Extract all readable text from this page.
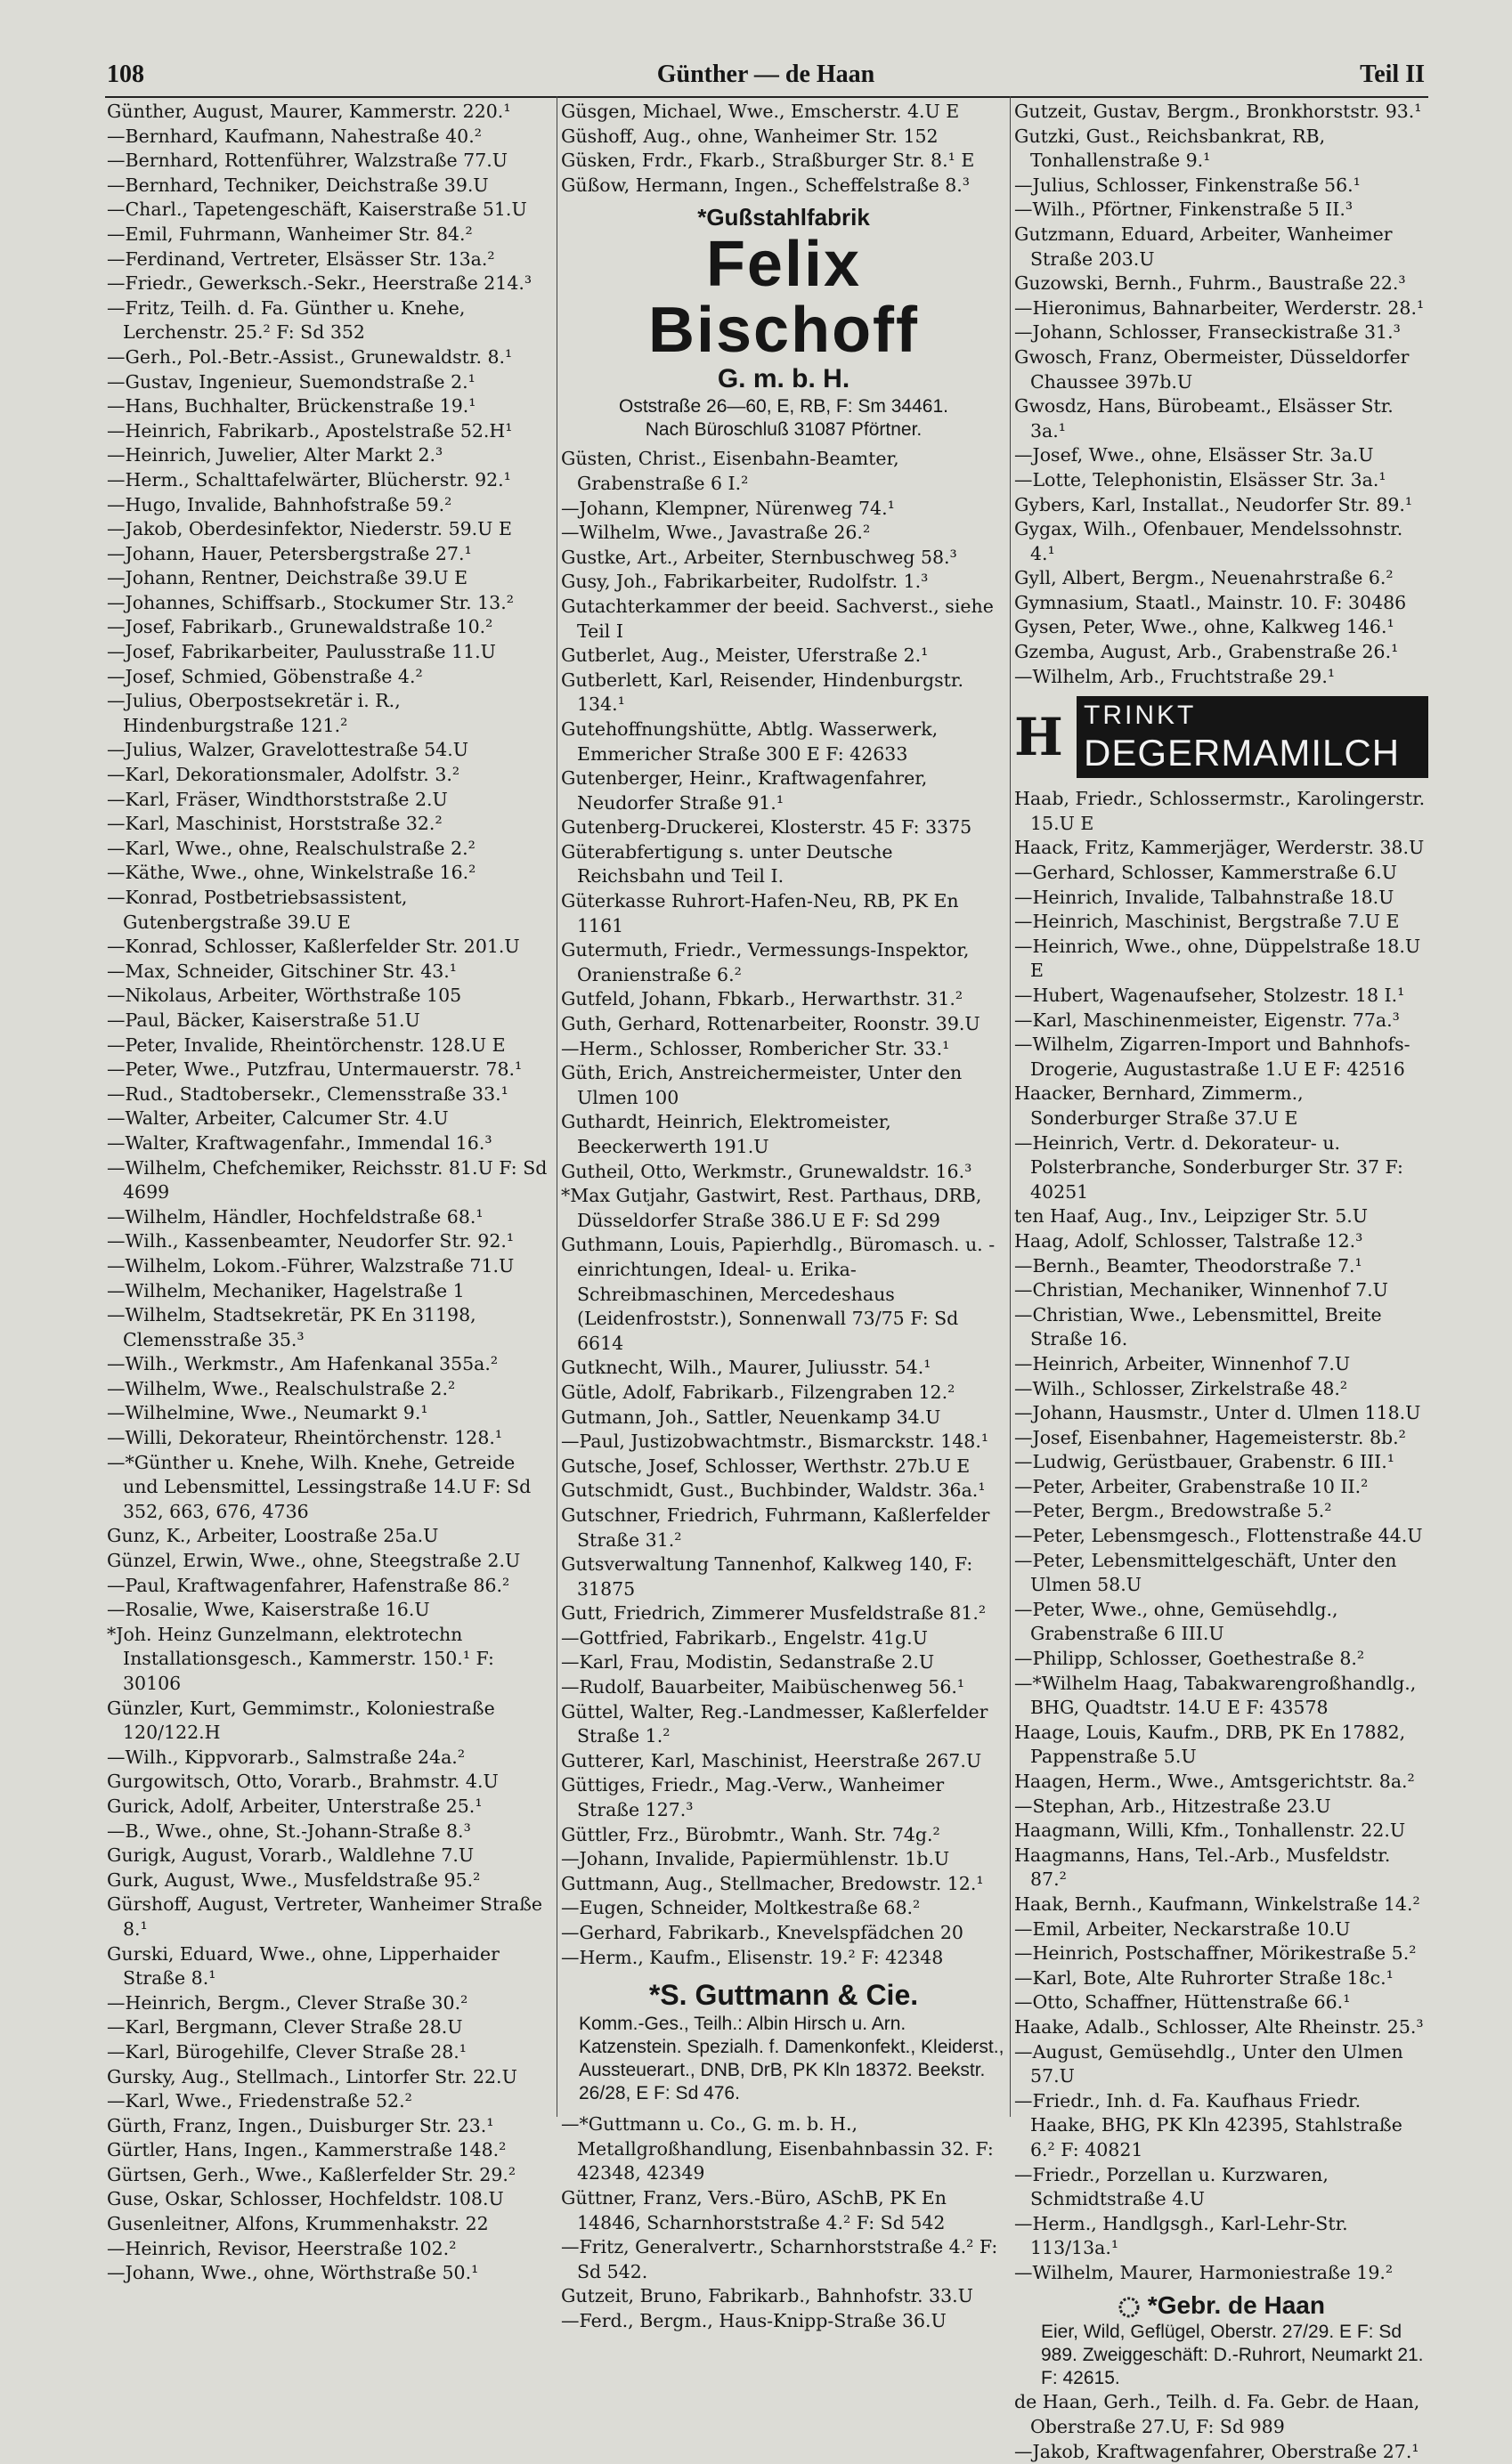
108	Günther — de Haan	Teil II
Günther, August, Maurer, Kammerstr. 220.¹
—Bernhard, Kaufmann, Nahestraße 40.²
—Bernhard, Rottenführer, Walzstraße 77.U
—Bernhard, Techniker, Deichstraße 39.U
—Charl., Tapetengeschäft, Kaiserstraße 51.U
—Emil, Fuhrmann, Wanheimer Str. 84.²
—Ferdinand, Vertreter, Elsässer Str. 13a.²
—Friedr., Gewerksch.-Sekr., Heerstraße 214.³
—Fritz, Teilh. d. Fa. Günther u. Knehe, Lerchenstr. 25.² F: Sd 352
—Gerh., Pol.-Betr.-Assist., Grunewaldstr. 8.¹
—Gustav, Ingenieur, Suemondstraße 2.¹
—Hans, Buchhalter, Brückenstraße 19.¹
—Heinrich, Fabrikarb., Apostelstraße 52.H¹
—Heinrich, Juwelier, Alter Markt 2.³
—Herm., Schalttafelwärter, Blücherstr. 92.¹
—Hugo, Invalide, Bahnhofstraße 59.²
—Jakob, Oberdesinfektor, Niederstr. 59.U E
—Johann, Hauer, Petersbergstraße 27.¹
—Johann, Rentner, Deichstraße 39.U E
—Johannes, Schiffsarb., Stockumer Str. 13.²
—Josef, Fabrikarb., Grunewaldstraße 10.²
—Josef, Fabrikarbeiter, Paulusstraße 11.U
—Josef, Schmied, Göbenstraße 4.²
—Julius, Oberpostsekretär i. R., Hindenburgstraße 121.²
—Julius, Walzer, Gravelottestraße 54.U
—Karl, Dekorationsmaler, Adolfstr. 3.²
—Karl, Fräser, Windthorststraße 2.U
—Karl, Maschinist, Horststraße 32.²
—Karl, Wwe., ohne, Realschulstraße 2.²
—Käthe, Wwe., ohne, Winkelstraße 16.²
—Konrad, Postbetriebsassistent, Gutenbergstraße 39.U E
—Konrad, Schlosser, Kaßlerfelder Str. 201.U
—Max, Schneider, Gitschiner Str. 43.¹
—Nikolaus, Arbeiter, Wörthstraße 105
—Paul, Bäcker, Kaiserstraße 51.U
—Peter, Invalide, Rheintörchenstr. 128.U E
—Peter, Wwe., Putzfrau, Untermauerstr. 78.¹
—Rud., Stadtobersekr., Clemensstraße 33.¹
—Walter, Arbeiter, Calcumer Str. 4.U
—Walter, Kraftwagenfahr., Immendal 16.³
—Wilhelm, Chefchemiker, Reichsstr. 81.U F: Sd 4699
—Wilhelm, Händler, Hochfeldstraße 68.¹
—Wilh., Kassenbeamter, Neudorfer Str. 92.¹
—Wilhelm, Lokom.-Führer, Walzstraße 71.U
—Wilhelm, Mechaniker, Hagelstraße 1
—Wilhelm, Stadtsekretär, PK En 31198, Clemensstraße 35.³
—Wilh., Werkmstr., Am Hafenkanal 355a.²
—Wilhelm, Wwe., Realschulstraße 2.²
—Wilhelmine, Wwe., Neumarkt 9.¹
—Willi, Dekorateur, Rheintörchenstr. 128.¹
—*Günther u. Knehe, Wilh. Knehe, Getreide und Lebensmittel, Lessingstraße 14.U F: Sd 352, 663, 676, 4736
Gunz, K., Arbeiter, Loostraße 25a.U
Günzel, Erwin, Wwe., ohne, Steegstraße 2.U
—Paul, Kraftwagenfahrer, Hafenstraße 86.²
—Rosalie, Wwe, Kaiserstraße 16.U
*Joh. Heinz Gunzelmann, elektrotechn Installationsgesch., Kammerstr. 150.¹ F: 30106
Günzler, Kurt, Gemmimstr., Koloniestraße 120/122.H
—Wilh., Kippvorarb., Salmstraße 24a.²
Gurgowitsch, Otto, Vorarb., Brahmstr. 4.U
Gurick, Adolf, Arbeiter, Unterstraße 25.¹
—B., Wwe., ohne, St.-Johann-Straße 8.³
Gurigk, August, Vorarb., Waldlehne 7.U
Gurk, August, Wwe., Musfeldstraße 95.²
Gürshoff, August, Vertreter, Wanheimer Straße 8.¹
Gurski, Eduard, Wwe., ohne, Lipperhaider Straße 8.¹
—Heinrich, Bergm., Clever Straße 30.²
—Karl, Bergmann, Clever Straße 28.U
—Karl, Bürogehilfe, Clever Straße 28.¹
Gursky, Aug., Stellmach., Lintorfer Str. 22.U
—Karl, Wwe., Friedenstraße 52.²
Gürth, Franz, Ingen., Duisburger Str. 23.¹
Gürtler, Hans, Ingen., Kammerstraße 148.²
Gürtsen, Gerh., Wwe., Kaßlerfelder Str. 29.²
Guse, Oskar, Schlosser, Hochfeldstr. 108.U
Gusenleitner, Alfons, Krummenhakstr. 22
—Heinrich, Revisor, Heerstraße 102.²
—Johann, Wwe., ohne, Wörthstraße 50.¹
Güsgen, Michael, Wwe., Emscherstr. 4.U E
Güshoff, Aug., ohne, Wanheimer Str. 152
Güsken, Frdr., Fkarb., Straßburger Str. 8.¹ E
Güßow, Hermann, Ingen., Scheffelstraße 8.³
*Gußstahlfabrik
Felix Bischoff
G. m. b. H.
Oststraße 26—60, E, RB, F: Sm 34461.
Nach Büroschluß 31087 Pförtner.
Güsten, Christ., Eisenbahn-Beamter, Grabenstraße 6 I.²
—Johann, Klempner, Nürenweg 74.¹
—Wilhelm, Wwe., Javastraße 26.²
Gustke, Art., Arbeiter, Sternbuschweg 58.³
Gusy, Joh., Fabrikarbeiter, Rudolfstr. 1.³
Gutachterkammer der beeid. Sachverst., siehe Teil I
Gutberlet, Aug., Meister, Uferstraße 2.¹
Gutberlett, Karl, Reisender, Hindenburgstr. 134.¹
Gutehoffnungshütte, Abtlg. Wasserwerk, Emmericher Straße 300 E F: 42633
Gutenberger, Heinr., Kraftwagenfahrer, Neudorfer Straße 91.¹
Gutenberg-Druckerei, Klosterstr. 45 F: 3375
Güterabfertigung s. unter Deutsche Reichsbahn und Teil I.
Güterkasse Ruhrort-Hafen-Neu, RB, PK En 1161
Gutermuth, Friedr., Vermessungs-Inspektor, Oranienstraße 6.²
Gutfeld, Johann, Fbkarb., Herwarthstr. 31.²
Guth, Gerhard, Rottenarbeiter, Roonstr. 39.U
—Herm., Schlosser, Rombericher Str. 33.¹
Güth, Erich, Anstreichermeister, Unter den Ulmen 100
Guthardt, Heinrich, Elektromeister, Beeckerwerth 191.U
Gutheil, Otto, Werkmstr., Grunewaldstr. 16.³
*Max Gutjahr, Gastwirt, Rest. Parthaus, DRB, Düsseldorfer Straße 386.U E F: Sd 299
Guthmann, Louis, Papierhdlg., Büromasch. u. -einrichtungen, Ideal- u. Erika-Schreibmaschinen, Mercedeshaus (Leidenfroststr.), Sonnenwall 73/75 F: Sd 6614
Gutknecht, Wilh., Maurer, Juliusstr. 54.¹
Gütle, Adolf, Fabrikarb., Filzengraben 12.²
Gutmann, Joh., Sattler, Neuenkamp 34.U
—Paul, Justizobwachtmstr., Bismarckstr. 148.¹
Gutsche, Josef, Schlosser, Werthstr. 27b.U E
Gutschmidt, Gust., Buchbinder, Waldstr. 36a.¹
Gutschner, Friedrich, Fuhrmann, Kaßlerfelder Straße 31.²
Gutsverwaltung Tannenhof, Kalkweg 140, F: 31875
Gutt, Friedrich, Zimmerer Musfeldstraße 81.²
—Gottfried, Fabrikarb., Engelstr. 41g.U
—Karl, Frau, Modistin, Sedanstraße 2.U
—Rudolf, Bauarbeiter, Maibüschenweg 56.¹
Güttel, Walter, Reg.-Landmesser, Kaßlerfelder Straße 1.²
Gutterer, Karl, Maschinist, Heerstraße 267.U
Güttiges, Friedr., Mag.-Verw., Wanheimer Straße 127.³
Güttler, Frz., Bürobmtr., Wanh. Str. 74g.²
—Johann, Invalide, Papiermühlenstr. 1b.U
Guttmann, Aug., Stellmacher, Bredowstr. 12.¹
—Eugen, Schneider, Moltkestraße 68.²
—Gerhard, Fabrikarb., Knevelspfädchen 20
—Herm., Kaufm., Elisenstr. 19.² F: 42348
*S. Guttmann & Cie.
Komm.-Ges., Teilh.: Albin Hirsch u. Arn. Katzenstein. Spezialh. f. Damenkonfekt., Kleiderst., Aussteuerart., DNB, DrB, PK Kln 18372. Beekstr. 26/28, E F: Sd 476.
—*Guttmann u. Co., G. m. b. H., Metallgroßhandlung, Eisenbahnbassin 32. F: 42348, 42349
Güttner, Franz, Vers.-Büro, ASchB, PK En 14846, Scharnhorststraße 4.² F: Sd 542
—Fritz, Generalvertr., Scharnhorststraße 4.² F: Sd 542.
Gutzeit, Bruno, Fabrikarb., Bahnhofstr. 33.U
—Ferd., Bergm., Haus-Knipp-Straße 36.U
Gutzeit, Gustav, Bergm., Bronkhorststr. 93.¹
Gutzki, Gust., Reichsbankrat, RB, Tonhallenstraße 9.¹
—Julius, Schlosser, Finkenstraße 56.¹
—Wilh., Pförtner, Finkenstraße 5 II.³
Gutzmann, Eduard, Arbeiter, Wanheimer Straße 203.U
Guzowski, Bernh., Fuhrm., Baustraße 22.³
—Hieronimus, Bahnarbeiter, Werderstr. 28.¹
—Johann, Schlosser, Franseckistraße 31.³
Gwosch, Franz, Obermeister, Düsseldorfer Chaussee 397b.U
Gwosdz, Hans, Bürobeamt., Elsässer Str. 3a.¹
—Josef, Wwe., ohne, Elsässer Str. 3a.U
—Lotte, Telephonistin, Elsässer Str. 3a.¹
Gybers, Karl, Installat., Neudorfer Str. 89.¹
Gygax, Wilh., Ofenbauer, Mendelssohnstr. 4.¹
Gyll, Albert, Bergm., Neuenahrstraße 6.²
Gymnasium, Staatl., Mainstr. 10. F: 30486
Gysen, Peter, Wwe., ohne, Kalkweg 146.¹
Gzemba, August, Arb., Grabenstraße 26.¹
—Wilhelm, Arb., Fruchtstraße 29.¹
H TRINKT
DEGERMAMILCH
Haab, Friedr., Schlossermstr., Karolingerstr. 15.U E
Haack, Fritz, Kammerjäger, Werderstr. 38.U
—Gerhard, Schlosser, Kammerstraße 6.U
—Heinrich, Invalide, Talbahnstraße 18.U
—Heinrich, Maschinist, Bergstraße 7.U E
—Heinrich, Wwe., ohne, Düppelstraße 18.U E
—Hubert, Wagenaufseher, Stolzestr. 18 I.¹
—Karl, Maschinenmeister, Eigenstr. 77a.³
—Wilhelm, Zigarren-Import und Bahnhofs-Drogerie, Augustastraße 1.U E F: 42516
Haacker, Bernhard, Zimmerm., Sonderburger Straße 37.U E
—Heinrich, Vertr. d. Dekorateur- u. Polsterbranche, Sonderburger Str. 37 F: 40251
ten Haaf, Aug., Inv., Leipziger Str. 5.U
Haag, Adolf, Schlosser, Talstraße 12.³
—Bernh., Beamter, Theodorstraße 7.¹
—Christian, Mechaniker, Winnenhof 7.U
—Christian, Wwe., Lebensmittel, Breite Straße 16.
—Heinrich, Arbeiter, Winnenhof 7.U
—Wilh., Schlosser, Zirkelstraße 48.²
—Johann, Hausmstr., Unter d. Ulmen 118.U
—Josef, Eisenbahner, Hagemeisterstr. 8b.²
—Ludwig, Gerüstbauer, Grabenstr. 6 III.¹
—Peter, Arbeiter, Grabenstraße 10 II.²
—Peter, Bergm., Bredowstraße 5.²
—Peter, Lebensmgesch., Flottenstraße 44.U
—Peter, Lebensmittelgeschäft, Unter den Ulmen 58.U
—Peter, Wwe., ohne, Gemüsehdlg., Grabenstraße 6 III.U
—Philipp, Schlosser, Goethestraße 8.²
—*Wilhelm Haag, Tabakwarengroßhandlg., BHG, Quadtstr. 14.U E F: 43578
Haage, Louis, Kaufm., DRB, PK En 17882, Pappenstraße 5.U
Haagen, Herm., Wwe., Amtsgerichtstr. 8a.²
—Stephan, Arb., Hitzestraße 23.U
Haagmann, Willi, Kfm., Tonhallenstr. 22.U
Haagmanns, Hans, Tel.-Arb., Musfeldstr. 87.²
Haak, Bernh., Kaufmann, Winkelstraße 14.²
—Emil, Arbeiter, Neckarstraße 10.U
—Heinrich, Postschaffner, Mörikestraße 5.²
—Karl, Bote, Alte Ruhrorter Straße 18c.¹
—Otto, Schaffner, Hüttenstraße 66.¹
Haake, Adalb., Schlosser, Alte Rheinstr. 25.³
—August, Gemüsehdlg., Unter den Ulmen 57.U
—Friedr., Inh. d. Fa. Kaufhaus Friedr. Haake, BHG, PK Kln 42395, Stahlstraße 6.² F: 40821
—Friedr., Porzellan u. Kurzwaren, Schmidtstraße 4.U
—Herm., Handlgsgh., Karl-Lehr-Str. 113/13a.¹
—Wilhelm, Maurer, Harmoniestraße 19.²
*Gebr. de Haan
Eier, Wild, Geflügel, Oberstr. 27/29. E F: Sd 989. Zweiggeschäft: D.-Ruhrort, Neumarkt 21. F: 42615.
de Haan, Gerh., Teilh. d. Fa. Gebr. de Haan, Oberstraße 27.U, F: Sd 989
—Jakob, Kraftwagenfahrer, Oberstraße 27.¹
